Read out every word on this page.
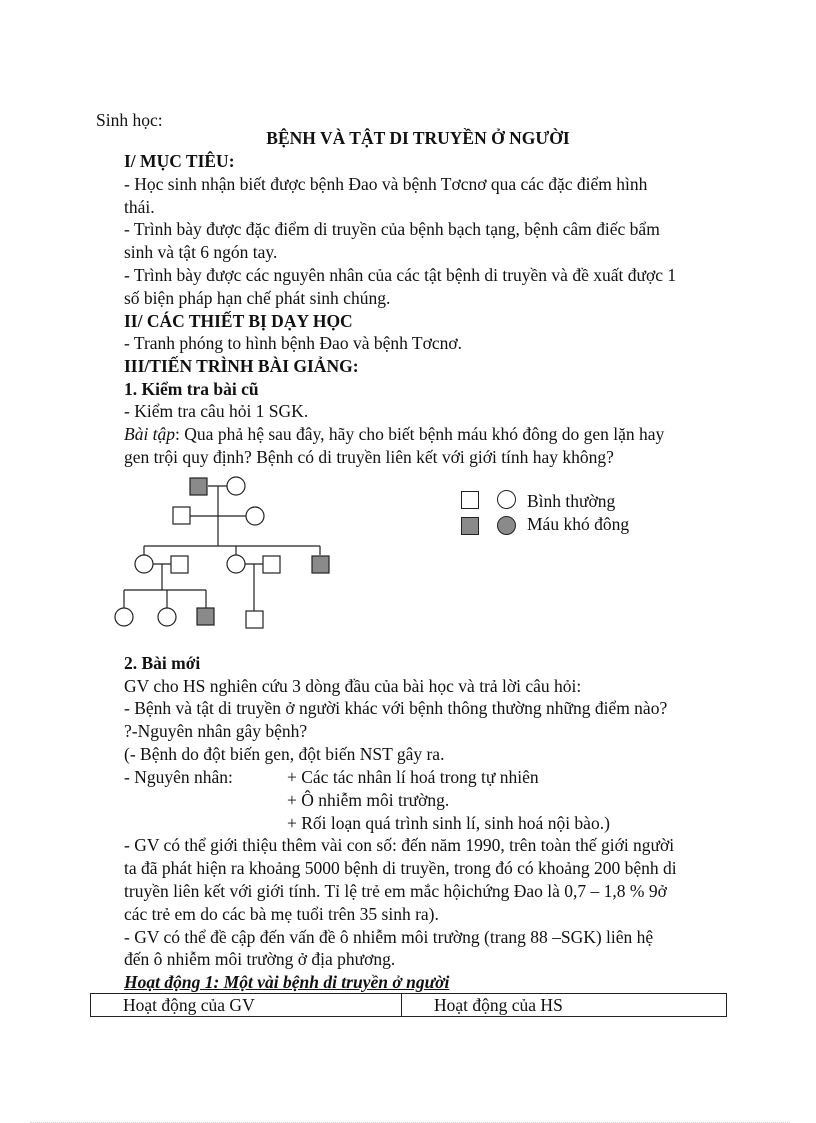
Sinh học:
BỆNH VÀ TẬT DI TRUYỀN Ở NGƯỜI
I/ MỤC TIÊU:
- Học sinh nhận biết được bệnh Đao và bệnh Tơcnơ qua các đặc điểm hình
thái.
- Trình bày được đặc điểm di truyền của bệnh bạch tạng, bệnh câm điếc bẩm
sinh và tật 6 ngón tay.
- Trình bày được các nguyên nhân của các tật bệnh di truyền và đề xuất được 1
số biện pháp hạn chế phát sinh chúng.
II/ CÁC THIẾT BỊ DẠY HỌC
- Tranh phóng to hình bệnh Đao và bệnh Tơcnơ.
III/TIẾN TRÌNH BÀI GIẢNG:
1. Kiểm tra bài cũ
- Kiểm tra câu hỏi 1 SGK.
Bài tập: Qua phả hệ sau đây, hãy cho biết bệnh máu khó đông do gen lặn hay
gen trội quy định? Bệnh có di truyền liên kết với giới tính hay không?
Bình thường
Máu khó đông
2. Bài mới
GV cho HS nghiên cứu 3 dòng đầu của bài học và trả lời câu hỏi:
- Bệnh và tật di truyền ở người khác với bệnh thông thường những điểm nào?
?-Nguyên nhân gây bệnh?
(- Bệnh do đột biến gen, đột biến NST gây ra.
- Nguyên nhân:	+ Các tác nhân lí hoá trong tự nhiên
+ Ô nhiễm môi trường.
+ Rối loạn quá trình sinh lí, sinh hoá nội bào.)
- GV có thể giới thiệu thêm vài con số: đến năm 1990, trên toàn thế giới người
ta đã phát hiện ra khoảng 5000 bệnh di truyền, trong đó có khoảng 200 bệnh di
truyền liên kết với giới tính. Tỉ lệ trẻ em mắc hộichứng Đao là 0,7 – 1,8 % 9ở
các trẻ em do các bà mẹ tuổi trên 35 sinh ra).
- GV có thể đề cập đến vấn đề ô nhiễm môi trường (trang 88 –SGK) liên hệ
đến ô nhiễm môi trường ở địa phương.
Hoạt động 1: Một vài bệnh di truyền ở người
Hoạt động của GV	Hoạt động của HS
